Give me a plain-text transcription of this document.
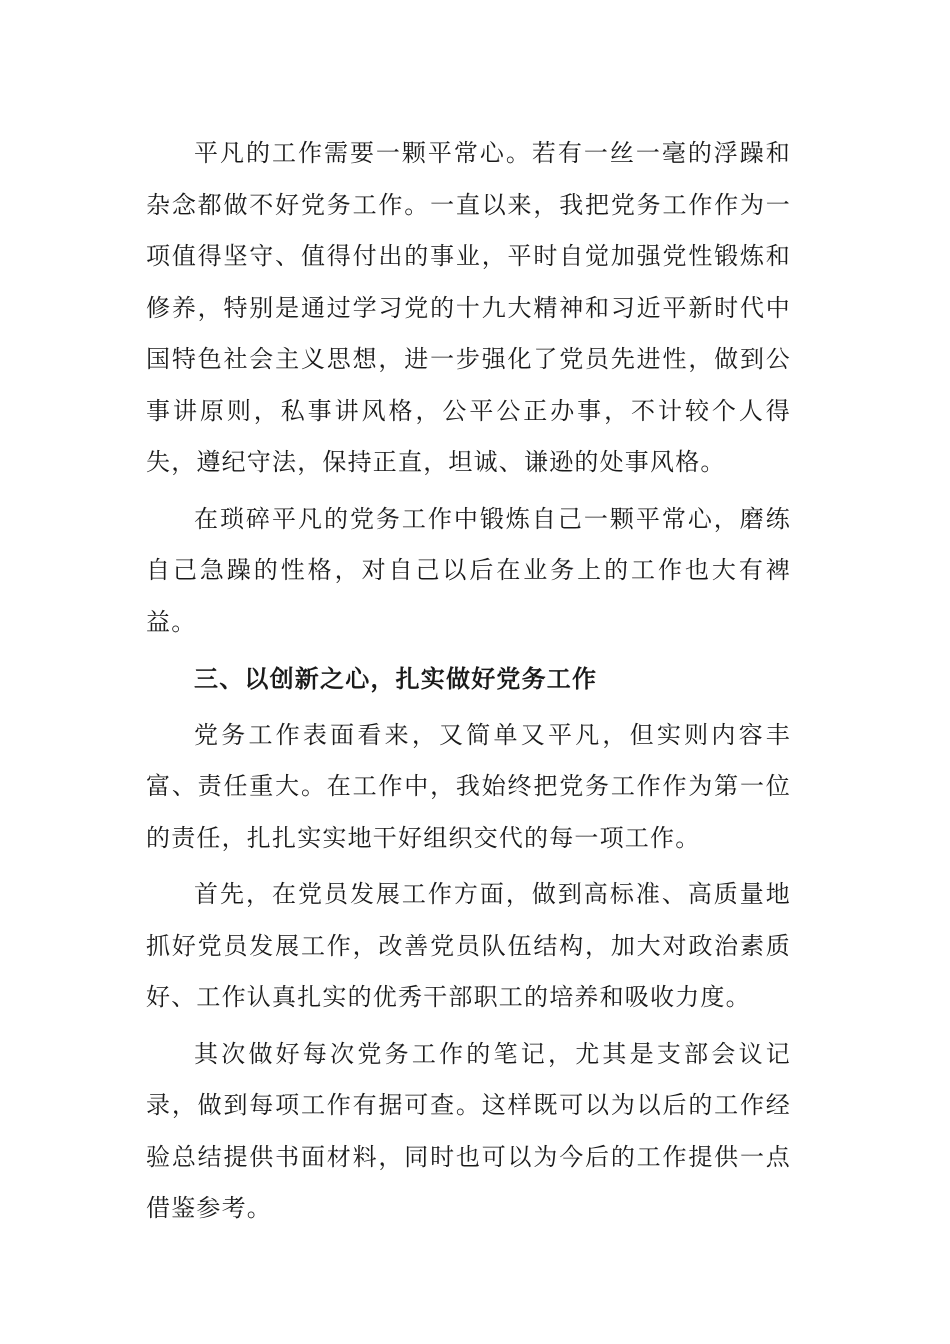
平凡的工作需要一颗平常心。若有一丝一毫的浮躁和杂念都做不好党务工作。一直以来，我把党务工作作为一项值得坚守、值得付出的事业，平时自觉加强党性锻炼和修养，特别是通过学习党的十九大精神和习近平新时代中国特色社会主义思想，进一步强化了党员先进性，做到公事讲原则，私事讲风格，公平公正办事，不计较个人得失，遵纪守法，保持正直，坦诚、谦逊的处事风格。

在琐碎平凡的党务工作中锻炼自己一颗平常心，磨练自己急躁的性格，对自己以后在业务上的工作也大有裨益。

三、以创新之心，扎实做好党务工作

党务工作表面看来，又简单又平凡，但实则内容丰富、责任重大。在工作中，我始终把党务工作作为第一位的责任，扎扎实实地干好组织交代的每一项工作。

首先，在党员发展工作方面，做到高标准、高质量地抓好党员发展工作，改善党员队伍结构，加大对政治素质好、工作认真扎实的优秀干部职工的培养和吸收力度。

其次做好每次党务工作的笔记，尤其是支部会议记录，做到每项工作有据可查。这样既可以为以后的工作经验总结提供书面材料，同时也可以为今后的工作提供一点借鉴参考。
